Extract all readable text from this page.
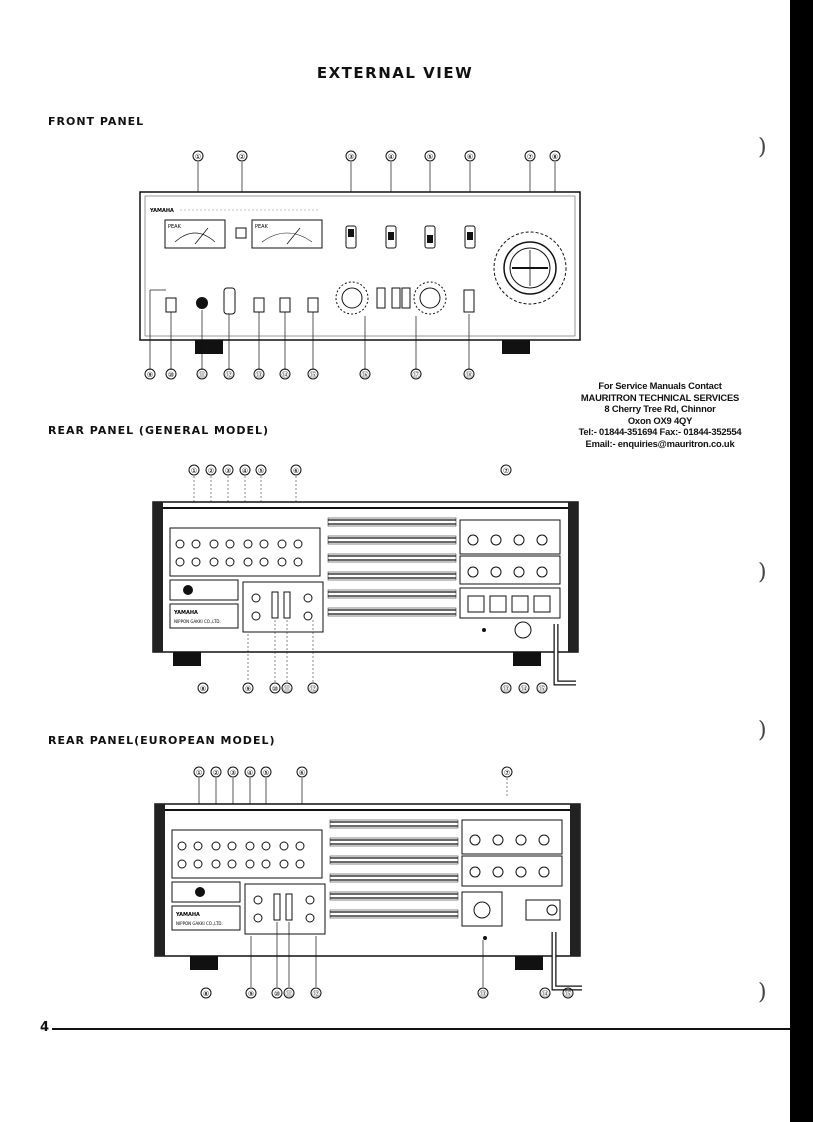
EXTERNAL VIEW
FRONT PANEL
REAR PANEL (GENERAL MODEL)
REAR PANEL(EUROPEAN MODEL)
For Service Manuals Contact
MAURITRON TECHNICAL SERVICES
8 Cherry Tree Rd, Chinnor
Oxon OX9 4QY
Tel:- 01844-351694 Fax:- 01844-352554
Email:- enquiries@mauritron.co.uk
)
)
)
)
①	②	③	④	⑤	⑥	⑦	⑧
YAMAHA
PEAK	PEAK
⑨ ⑩	⑪	⑫	⑬	⑭	⑮	⑯	⑰	⑱
① ② ③ ④ ⑤	⑥	⑦
YAMAHA
NIPPON GAKKI CO.,LTD.
⑧	⑨	⑩ ⑪	⑫	⑬ ⑭ ⑮
① ② ③ ④ ⑤	⑥	⑦
YAMAHA
NIPPON GAKKI CO.,LTD.
⑧	⑨	⑩ ⑪	⑫	⑬	⑭ ⑮
4
